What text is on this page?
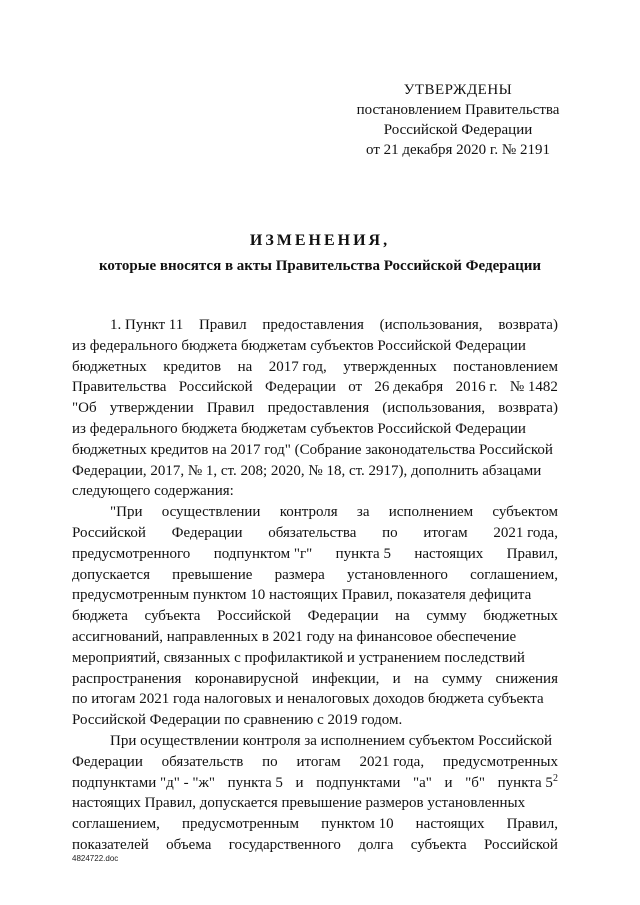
УТВЕРЖДЕНЫ
постановлением Правительства
Российской Федерации
от 21 декабря 2020 г. № 2191
ИЗМЕНЕНИЯ,
которые вносятся в акты Правительства Российской Федерации
1. Пункт 11 Правил предоставления (использования, возврата)
из федерального бюджета бюджетам субъектов Российской Федерации
бюджетных кредитов на 2017 год, утвержденных постановлением
Правительства Российской Федерации от 26 декабря 2016 г. № 1482
"Об утверждении Правил предоставления (использования, возврата)
из федерального бюджета бюджетам субъектов Российской Федерации
бюджетных кредитов на 2017 год" (Собрание законодательства Российской
Федерации, 2017, № 1, ст. 208; 2020, № 18, ст. 2917), дополнить абзацами
следующего содержания:
"При осуществлении контроля за исполнением субъектом
Российской Федерации обязательства по итогам 2021 года,
предусмотренного подпунктом "г" пункта 5 настоящих Правил,
допускается превышение размера установленного соглашением,
предусмотренным пунктом 10 настоящих Правил, показателя дефицита
бюджета субъекта Российской Федерации на сумму бюджетных
ассигнований, направленных в 2021 году на финансовое обеспечение
мероприятий, связанных с профилактикой и устранением последствий
распространения коронавирусной инфекции, и на сумму снижения
по итогам 2021 года налоговых и неналоговых доходов бюджета субъекта
Российской Федерации по сравнению с 2019 годом.
При осуществлении контроля за исполнением субъектом Российской
Федерации обязательств по итогам 2021 года, предусмотренных
подпунктами "д" - "ж" пункта 5 и подпунктами "а" и "б" пункта 52
настоящих Правил, допускается превышение размеров установленных
соглашением, предусмотренным пунктом 10 настоящих Правил,
показателей объема государственного долга субъекта Российской
4824722.doc
